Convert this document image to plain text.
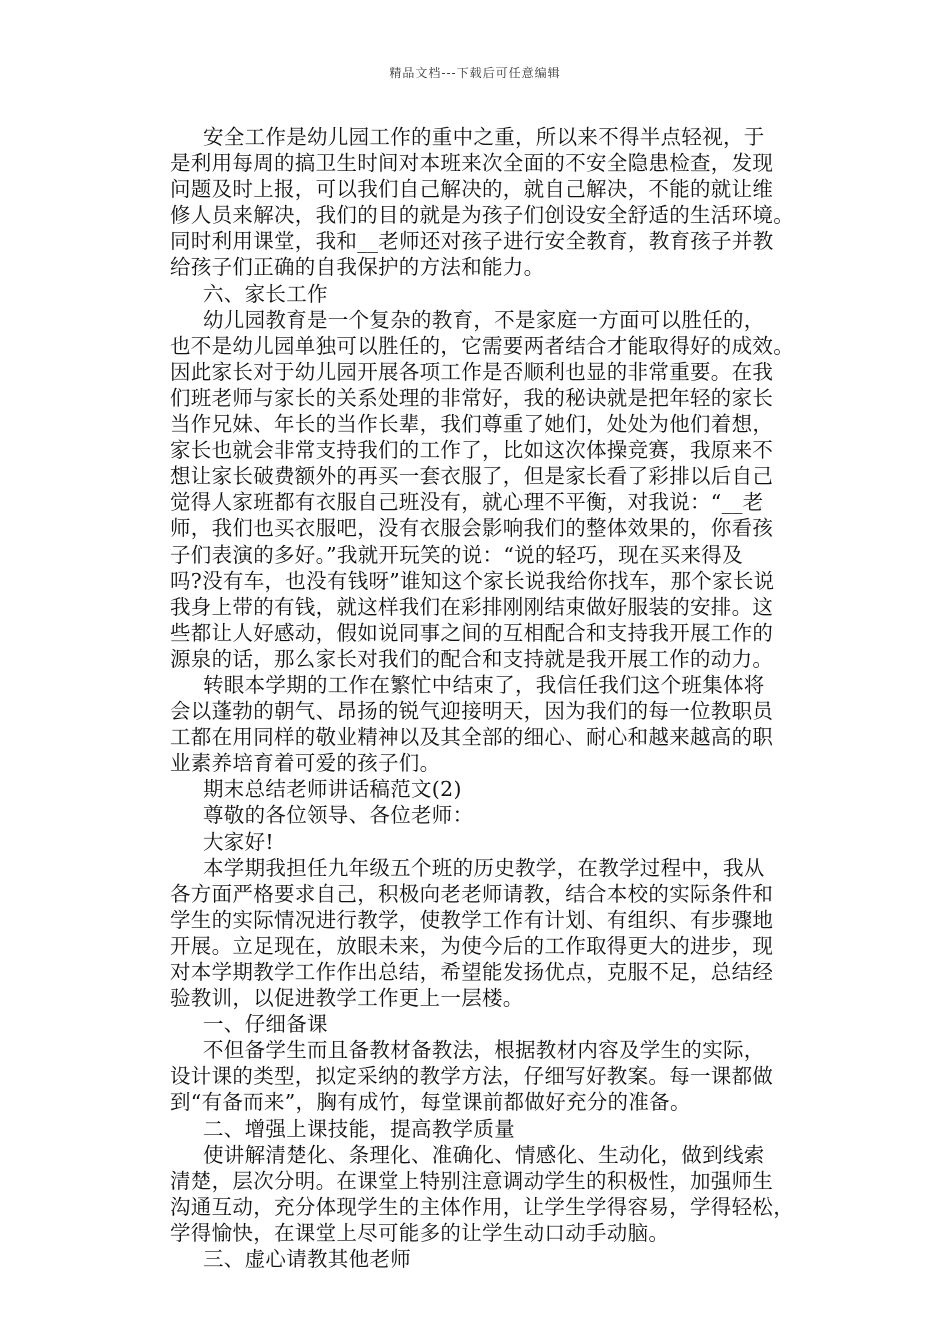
精品文档---下载后可任意编辑

安全工作是幼儿园工作的重中之重，所以来不得半点轻视，于

是利用每周的搞卫生时间对本班来次全面的不安全隐患检查，发现

问题及时上报，可以我们自己解决的，就自己解决，不能的就让维

修人员来解决，我们的目的就是为孩子们创设安全舒适的生活环境。

同时利用课堂，我和__老师还对孩子进行安全教育，教育孩子并教

给孩子们正确的自我保护的方法和能力。

六、家长工作

幼儿园教育是一个复杂的教育，不是家庭一方面可以胜任的，

也不是幼儿园单独可以胜任的，它需要两者结合才能取得好的成效。

因此家长对于幼儿园开展各项工作是否顺利也显的非常重要。在我

们班老师与家长的关系处理的非常好，我的秘诀就是把年轻的家长

当作兄妹、年长的当作长辈，我们尊重了她们，处处为他们着想，

家长也就会非常支持我们的工作了，比如这次体操竞赛，我原来不

想让家长破费额外的再买一套衣服了，但是家长看了彩排以后自己

觉得人家班都有衣服自己班没有，就心理不平衡，对我说：“__老

师，我们也买衣服吧，没有衣服会影响我们的整体效果的，你看孩

子们表演的多好。”我就开玩笑的说：“说的轻巧，现在买来得及

吗?没有车，也没有钱呀”谁知这个家长说我给你找车，那个家长说

我身上带的有钱，就这样我们在彩排刚刚结束做好服装的安排。这

些都让人好感动，假如说同事之间的互相配合和支持我开展工作的

源泉的话，那么家长对我们的配合和支持就是我开展工作的动力。

转眼本学期的工作在繁忙中结束了，我信任我们这个班集体将

会以蓬勃的朝气、昂扬的锐气迎接明天，因为我们的每一位教职员

工都在用同样的敬业精神以及其全部的细心、耐心和越来越高的职

业素养培育着可爱的孩子们。

期末总结老师讲话稿范文(2)

尊敬的各位领导、各位老师：

大家好!

本学期我担任九年级五个班的历史教学，在教学过程中，我从

各方面严格要求自己，积极向老老师请教，结合本校的实际条件和

学生的实际情况进行教学，使教学工作有计划、有组织、有步骤地

开展。立足现在，放眼未来，为使今后的工作取得更大的进步，现

对本学期教学工作作出总结，希望能发扬优点，克服不足，总结经

验教训，以促进教学工作更上一层楼。

一、仔细备课

不但备学生而且备教材备教法，根据教材内容及学生的实际，

设计课的类型，拟定采纳的教学方法，仔细写好教案。每一课都做

到“有备而来”，胸有成竹，每堂课前都做好充分的准备。

二、增强上课技能，提高教学质量

使讲解清楚化、条理化、准确化、情感化、生动化，做到线索

清楚，层次分明。在课堂上特别注意调动学生的积极性，加强师生

沟通互动，充分体现学生的主体作用，让学生学得容易，学得轻松，

学得愉快，在课堂上尽可能多的让学生动口动手动脑。

三、虚心请教其他老师
